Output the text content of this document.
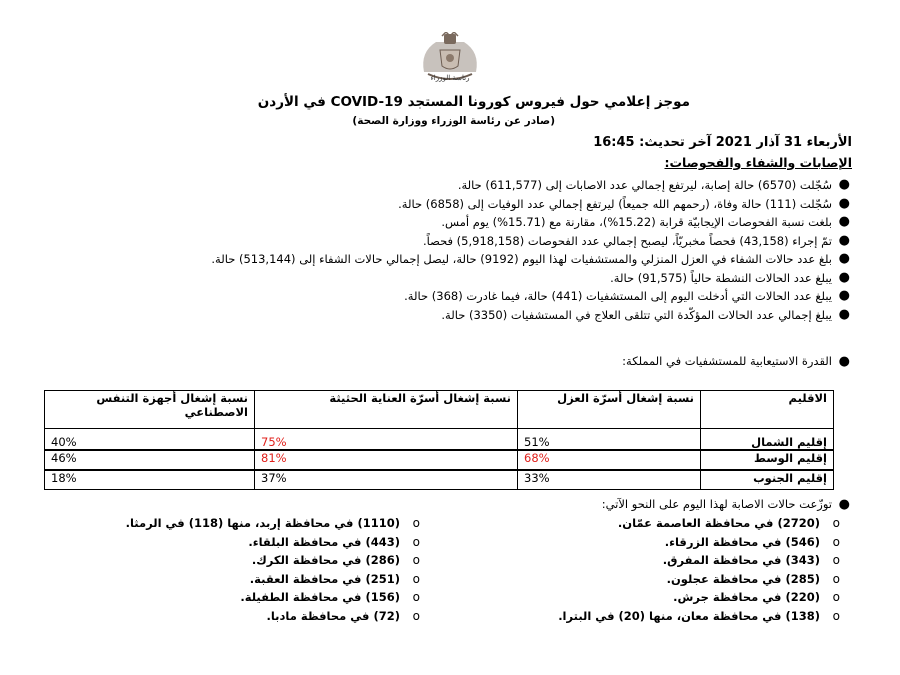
رئاسة الوزراء
موجز إعلامي حول فيروس كورونا المستجد COVID-19 في الأردن
(صادر عن رئاسة الوزراء ووزارة الصحة)
الأربعاء 31 آذار 2021 آخر تحديث: 16:45
الإصابات والشفاء والفحوصات:
●
سُجّلت (6570) حالة إصابة، ليرتفع إجمالي عدد الاصابات إلى (611,577) حالة.
●
سُجّلت (111) حالة وفاة، (رحمهم الله جميعاً) ليرتفع إجمالي عدد الوفيات إلى (6858) حالة.
●
بلغت نسبة الفحوصات الإيجابيّة قرابة (15.22%)، مقارنة مع (15.71%) يوم أمس.
●
تمّ إجراء (43,158) فحصاً مخبريّاً، ليصبح إجمالي عدد الفحوصات (5,918,158) فحصاً.
●
بلغ عدد حالات الشفاء في العزل المنزلي والمستشفيات لهذا اليوم (9192) حالة، ليصل إجمالي حالات الشفاء إلى (513,144) حالة.
●
يبلغ عدد الحالات النشطة حالياً (91,575) حالة.
●
يبلغ عدد الحالات التي أدخلت اليوم إلى المستشفيات (441) حالة، فيما غادرت (368) حالة.
●
يبلغ إجمالي عدد الحالات المؤكّدة التي تتلقى العلاج في المستشفيات (3350) حالة.
●
القدرة الاستيعابية للمستشفيات في المملكة:
الاقليم	نسبة إشغال أسرّة العزل	نسبة إشغال أسرّة العناية الحثيثة	نسبة إشغال أجهزة التنفس الاصطناعي
إقليم الشمال	51%	75%	40%
إقليم الوسط	68%	81%	46%
إقليم الجنوب	33%	37%	18%
●
توزّعت حالات الاصابة لهذا اليوم على النحو الآتي:
o
(2720) في محافظة العاصمة عمّان.
o
(546) في محافظة الزرقاء.
o
(343) في محافظة المفرق.
o
(285) في محافظة عجلون.
o
(220) في محافظة جرش.
o
(138) في محافظة معان، منها (20) في البترا.
o
(1110) في محافظة إربد، منها (118) في الرمثا.
o
(443) في محافظة البلقاء.
o
(286) في محافظة الكرك.
o
(251) في محافظة العقبة.
o
(156) في محافظة الطفيلة.
o
(72) في محافظة مادبا.
